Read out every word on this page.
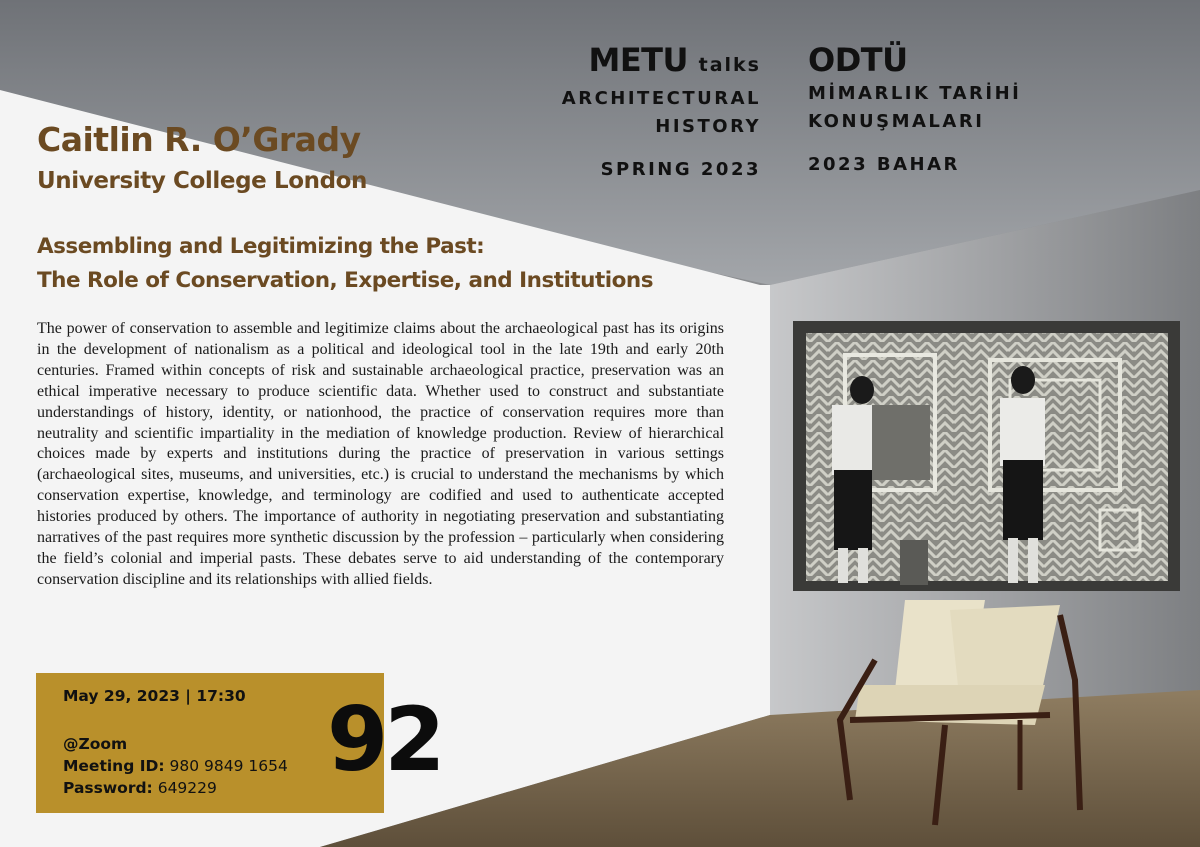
METU talks
ARCHITECTURAL
HISTORY
SPRING 2023
ODTÜ
MİMARLIK TARİHİ
KONUŞMALARI
2023 BAHAR
Caitlin R. O’Grady
University College London
Assembling and Legitimizing the Past:
The Role of Conservation, Expertise, and Institutions

The power of conservation to assemble and legitimize claims about the archaeological past has its origins in the development of nationalism as a political and ideological tool in the late 19th and early 20th centuries. Framed within concepts of risk and sustainable archaeological practice, preservation was an ethical imperative necessary to produce scientific data. Whether used to construct and substantiate understandings of history, identity, or nationhood, the practice of conservation requires more than neutrality and scientific impartiality in the mediation of knowledge production. Review of hierarchical choices made by experts and institutions during the practice of preservation in various settings (archaeological sites, museums, and universities, etc.) is crucial to understand the mechanisms by which conservation expertise, knowledge, and terminology are codified and used to authenticate accepted histories produced by others. The importance of authority in negotiating preservation and substantiating narratives of the past requires more synthetic discussion by the profession – particularly when considering the field’s colonial and imperial pasts. These debates serve to aid understanding of the contemporary conservation discipline and its relationships with allied fields.

May 29, 2023 | 17:30
@Zoom
Meeting ID: 980 9849 1654
Password: 649229 92
